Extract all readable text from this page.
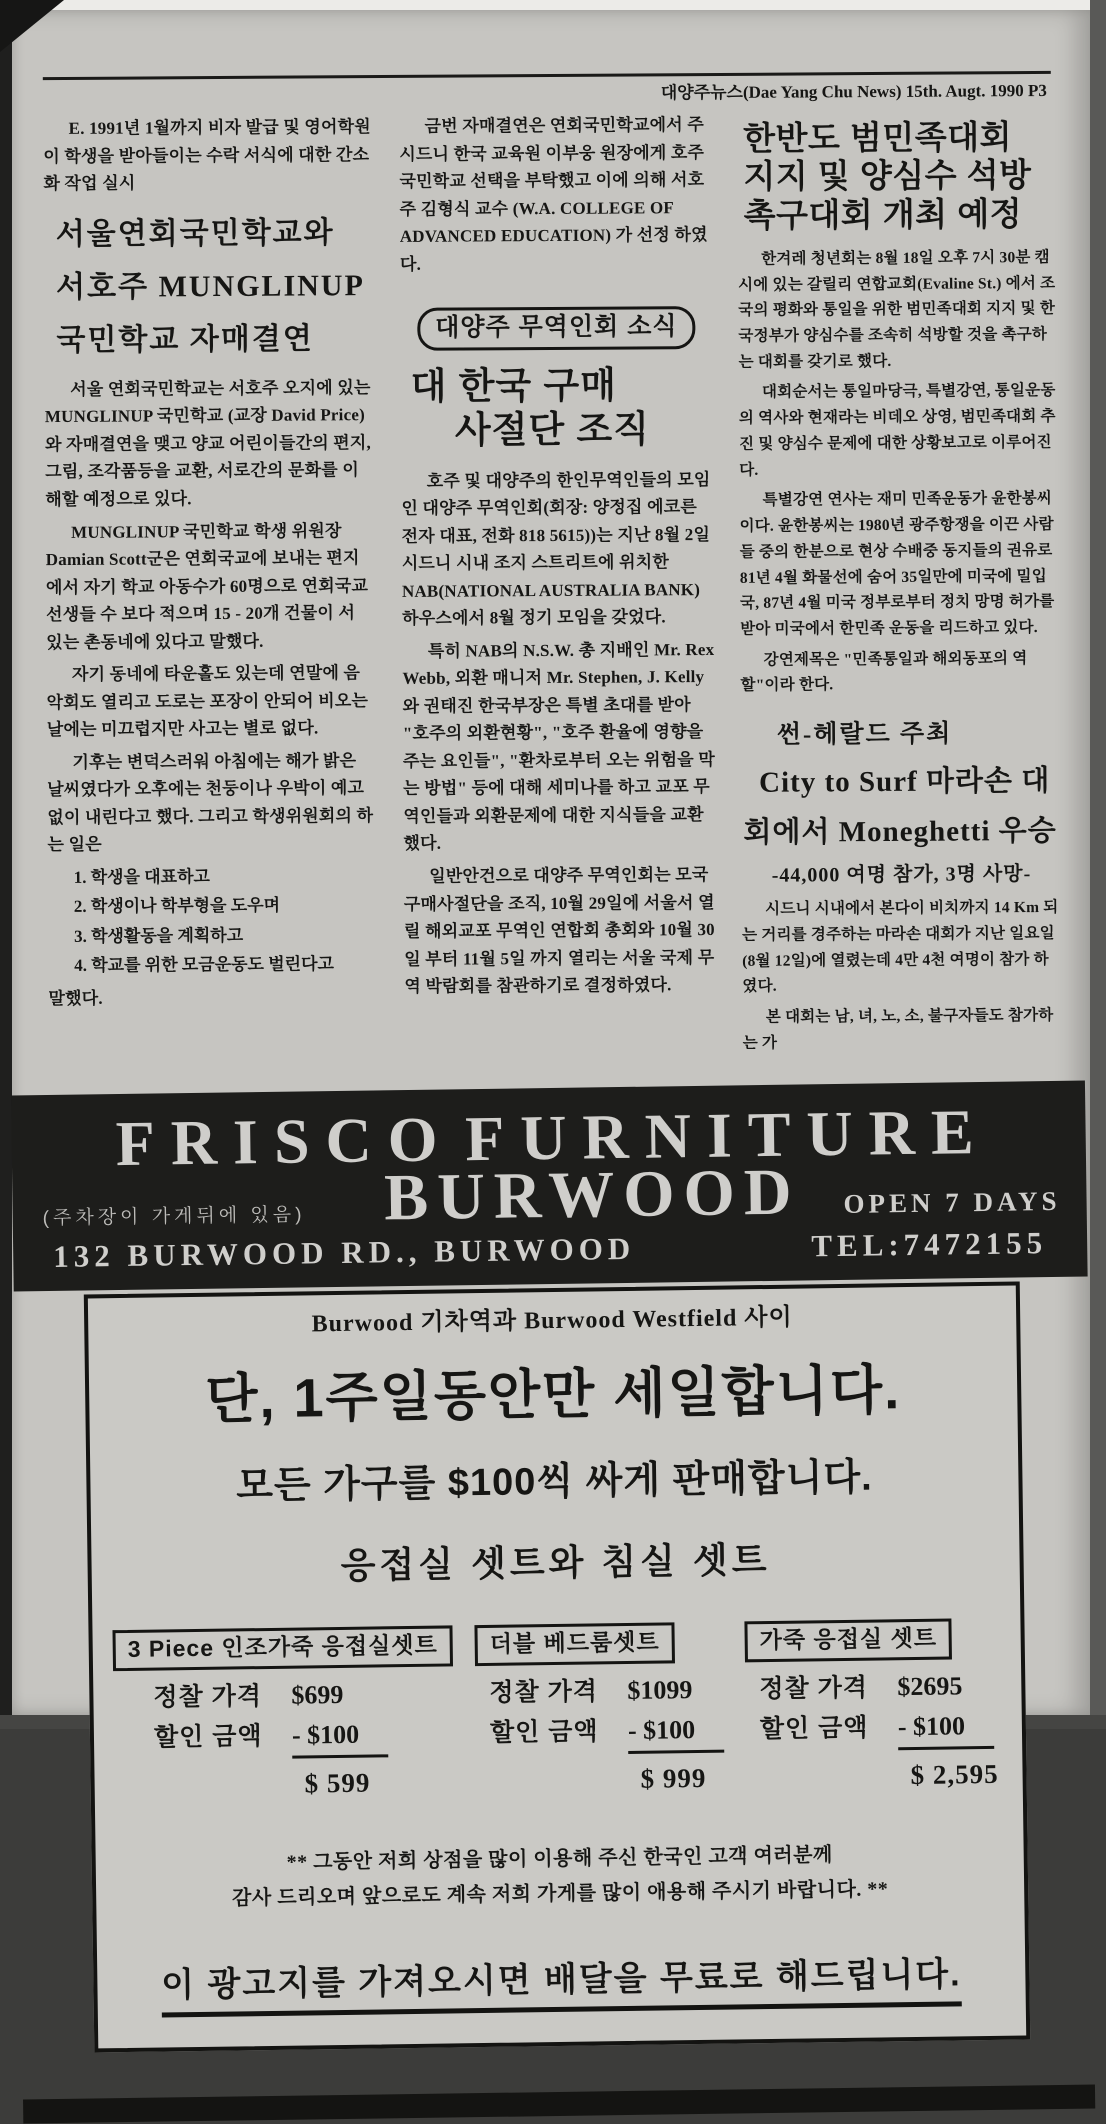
대양주뉴스(Dae Yang Chu News) 15th. Augt. 1990 P3

E. 1991년 1월까지 비자 발급 및 영어학원이 학생을 받아들이는 수락 서식에 대한 간소화 작업 실시

서울연회국민학교와
서호주 MUNGLINUP
국민학교 자매결연

서울 연회국민학교는 서호주 오지에 있는 MUNGLINUP 국민학교 (교장 David Price)와 자매결연을 맺고 양교 어린이들간의 편지, 그림, 조각품등을 교환, 서로간의 문화를 이해할 예정으로 있다.

MUNGLINUP 국민학교 학생 위원장 Damian Scott군은 연회국교에 보내는 편지에서 자기 학교 아동수가 60명으로 연회국교 선생들 수 보다 적으며 15 - 20개 건물이 서 있는 촌동네에 있다고 말했다.

자기 동네에 타운홀도 있는데 연말에 음악회도 열리고 도로는 포장이 안되어 비오는 날에는 미끄럽지만 사고는 별로 없다.

기후는 변덕스러워 아침에는 해가 밝은 날씨였다가 오후에는 천둥이나 우박이 예고없이 내린다고 했다. 그리고 학생위원회의 하는 일은

1. 학생을 대표하고
2. 학생이나 학부형을 도우며
3. 학생활동을 계획하고
4. 학교를 위한 모금운동도 벌린다고

말했다.

금번 자매결연은 연회국민학교에서 주시드니 한국 교육원 이부웅 원장에게 호주 국민학교 선택을 부탁했고 이에 의해 서호주 김형식 교수 (W.A. COLLEGE OF ADVANCED EDUCATION) 가 선정 하였다.

대양주 무역인회 소식
대 한국 구매
사절단 조직

호주 및 대양주의 한인무역인들의 모임인 대양주 무역인회(회장: 양정집 에코른전자 대표, 전화 818 5615))는 지난 8월 2일 시드니 시내 조지 스트리트에 위치한 NAB(NATIONAL AUSTRALIA BANK) 하우스에서 8월 정기 모임을 갖었다.

특히 NAB의 N.S.W. 총 지배인 Mr. Rex Webb, 외환 매니저 Mr. Stephen, J. Kelly와 권태진 한국부장은 특별 초대를 받아 "호주의 외환현황", "호주 환율에 영향을 주는 요인들", "환차로부터 오는 위험을 막는 방법" 등에 대해 세미나를 하고 교포 무역인들과 외환문제에 대한 지식들을 교환했다.

일반안건으로 대양주 무역인회는 모국 구매사절단을 조직, 10월 29일에 서울서 열릴 해외교포 무역인 연합회 총회와 10월 30일 부터 11월 5일 까지 열리는 서울 국제 무역 박람회를 참관하기로 결정하였다.

한반도 범민족대회
지지 및 양심수 석방
촉구대회 개최 예정

한겨레 청년회는 8월 18일 오후 7시 30분 캠시에 있는 갈릴리 연합교회(Evaline St.) 에서 조국의 평화와 통일을 위한 범민족대회 지지 및 한국정부가 양심수를 조속히 석방할 것을 촉구하는 대회를 갖기로 했다.

대회순서는 통일마당극, 특별강연, 통일운동의 역사와 현재라는 비데오 상영, 범민족대회 추진 및 양심수 문제에 대한 상황보고로 이루어진다.

특별강연 연사는 재미 민족운동가 윤한봉씨이다. 윤한봉씨는 1980년 광주항쟁을 이끈 사람들 중의 한분으로 현상 수배중 동지들의 권유로 81년 4월 화물선에 숨어 35일만에 미국에 밀입국, 87년 4월 미국 정부로부터 정치 망명 허가를 받아 미국에서 한민족 운동을 리드하고 있다.

강연제목은 "민족통일과 해외동포의 역할"이라 한다.

썬-헤랄드 주최
City to Surf 마라손 대
회에서 Moneghetti 우승
-44,000 여명 참가, 3명 사망-

시드니 시내에서 본다이 비치까지 14 Km 되는 거리를 경주하는 마라손 대회가 지난 일요일 (8월 12일)에 열렸는데 4만 4천 여명이 참가 하였다.

본 대회는 남, 녀, 노, 소, 불구자들도 참가하는 가

FRISCO FURNITURE
(주차장이 가게뒤에 있음) BURWOOD OPEN 7 DAYS
132 BURWOOD RD., BURWOOD	TEL:7472155
Burwood 기차역과 Burwood Westfield 사이
단, 1주일동안만 세일합니다.
모든 가구를 $100씩 싸게 판매합니다.
응접실 셋트와 침실 셋트
3 Piece 인조가죽 응접실셋트
정찰 가격	$699
할인 금액	- $100
$ 599
더블 베드룸셋트
정찰 가격	$1099
할인 금액	- $100
$ 999
가죽 응접실 셋트
정찰 가격	$2695
할인 금액	- $100
$ 2,595
** 그동안 저희 상점을 많이 이용해 주신 한국인 고객 여러분께
감사 드리오며 앞으로도 계속 저희 가게를 많이 애용해 주시기 바랍니다. **
이 광고지를 가져오시면 배달을 무료로 해드립니다.
